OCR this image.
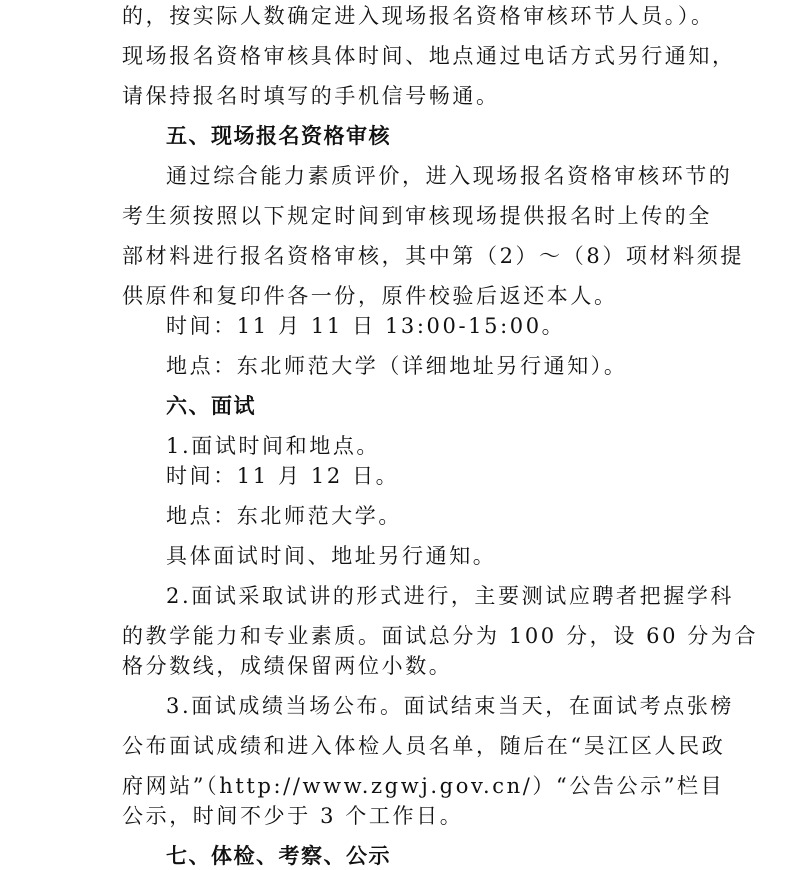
的，按实际人数确定进入现场报名资格审核环节人员。）。
现场报名资格审核具体时间、地点通过电话方式另行通知，
请保持报名时填写的手机信号畅通。
五、现场报名资格审核
通过综合能力素质评价，进入现场报名资格审核环节的
考生须按照以下规定时间到审核现场提供报名时上传的全
部材料进行报名资格审核，其中第（2）～（8）项材料须提
供原件和复印件各一份，原件校验后返还本人。
时间：11 月 11 日 13:00-15:00。
地点：东北师范大学（详细地址另行通知）。
六、面试
1.面试时间和地点。
时间：11 月 12 日。
地点：东北师范大学。
具体面试时间、地址另行通知。
2.面试采取试讲的形式进行，主要测试应聘者把握学科
的教学能力和专业素质。面试总分为 100 分，设 60 分为合
格分数线，成绩保留两位小数。
3.面试成绩当场公布。面试结束当天，在面试考点张榜
公布面试成绩和进入体检人员名单，随后在“吴江区人民政
府网站”（http://www.zgwj.gov.cn/）“公告公示”栏目
公示，时间不少于 3 个工作日。
七、体检、考察、公示
